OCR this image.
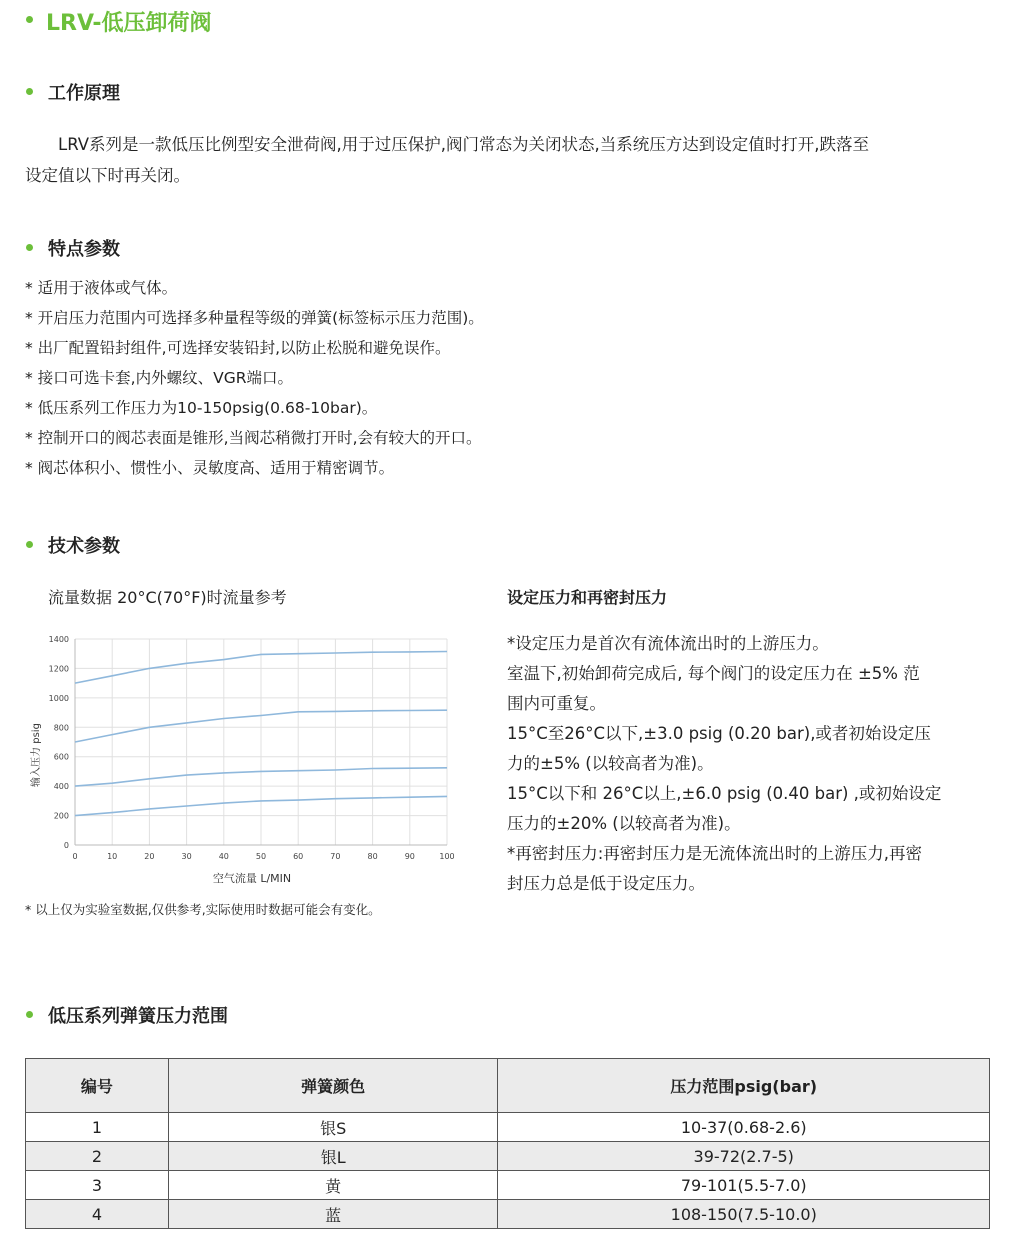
LRV-低压卸荷阀
工作原理
LRV系列是一款低压比例型安全泄荷阀,用于过压保护,阀门常态为关闭状态,当系统压方达到设定值时打开,跌落至
设定值以下时再关闭。
特点参数
* 适用于液体或气体。
* 开启压力范围内可选择多种量程等级的弹簧(标签标示压力范围)。
* 出厂配置铅封组件,可选择安装铅封,以防止松脱和避免误作。
* 接口可选卡套,内外螺纹、VGR端口。
* 低压系列工作压力为10-150psig(0.68-10bar)。
* 控制开口的阀芯表面是锥形,当阀芯稍微打开时,会有较大的开口。
* 阀芯体积小、惯性小、灵敏度高、适用于精密调节。
技术参数
流量数据 20°C(70°F)时流量参考
0
200
400
600
800
1000
1200
1400
0	10	20	30	40	50	60	70	80	90	100
空气流量 L/MIN
输入压力 psig
* 以上仅为实验室数据,仅供参考,实际使用时数据可能会有变化。
设定压力和再密封压力
*设定压力是首次有流体流出时的上游压力。
室温下,初始卸荷完成后, 每个阀门的设定压力在 ±5% 范
围内可重复。
15°C至26°C以下,±3.0 psig (0.20 bar),或者初始设定压
力的±5% (以较高者为准)。
15°C以下和 26°C以上,±6.0 psig (0.40 bar) ,或初始设定
压力的±20% (以较高者为准)。
*再密封压力:再密封压力是无流体流出时的上游压力,再密
封压力总是低于设定压力。
低压系列弹簧压力范围
编号	弹簧颜色	压力范围psig(bar)
1	银S	10-37(0.68-2.6)
2	银L	39-72(2.7-5)
3	黄	79-101(5.5-7.0)
4	蓝	108-150(7.5-10.0)
